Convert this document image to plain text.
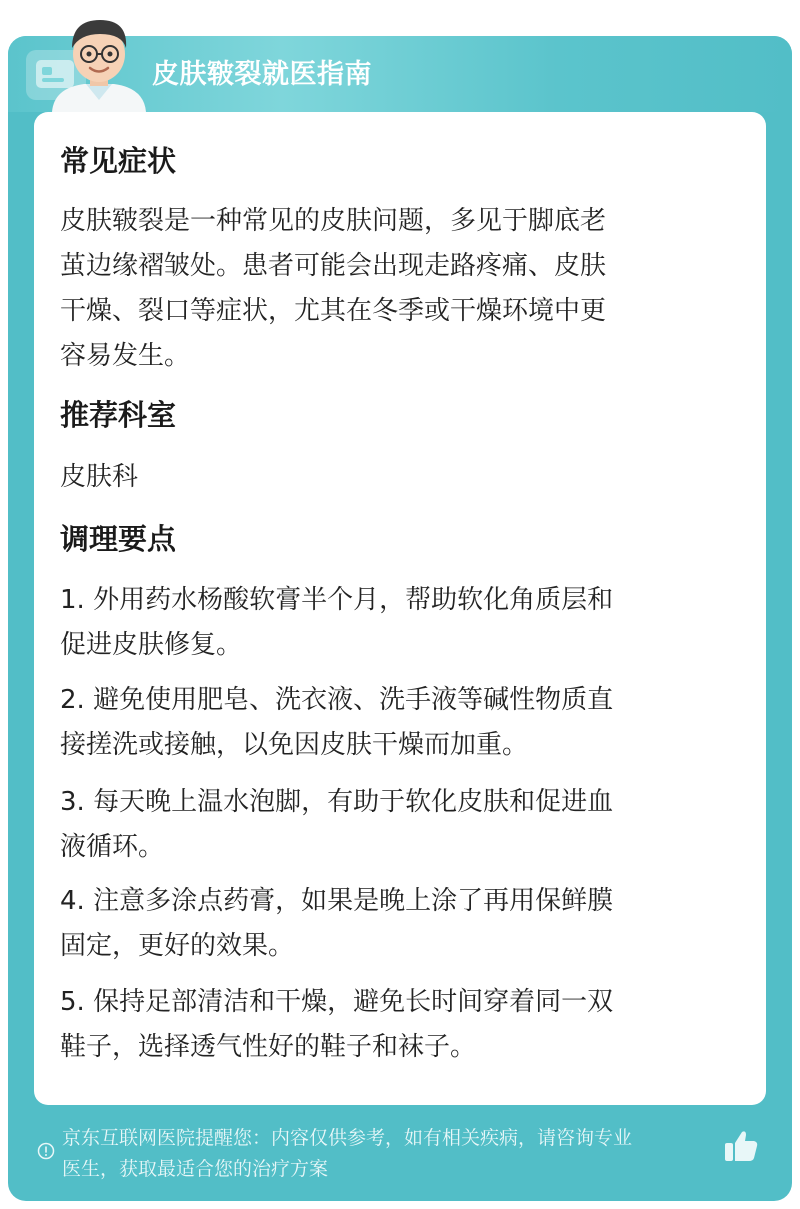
皮肤皲裂就医指南
常见症状
皮肤皲裂是一种常见的皮肤问题，多见于脚底老
茧边缘褶皱处。患者可能会出现走路疼痛、皮肤
干燥、裂口等症状，尤其在冬季或干燥环境中更
容易发生。
推荐科室
皮肤科
调理要点
1. 外用药水杨酸软膏半个月，帮助软化角质层和
促进皮肤修复。
2. 避免使用肥皂、洗衣液、洗手液等碱性物质直
接搓洗或接触，以免因皮肤干燥而加重。
3. 每天晚上温水泡脚，有助于软化皮肤和促进血
液循环。
4. 注意多涂点药膏，如果是晚上涂了再用保鲜膜
固定，更好的效果。
5. 保持足部清洁和干燥，避免长时间穿着同一双
鞋子，选择透气性好的鞋子和袜子。
京东互联网医院提醒您：内容仅供参考，如有相关疾病，请咨询专业
医生，获取最适合您的治疗方案
